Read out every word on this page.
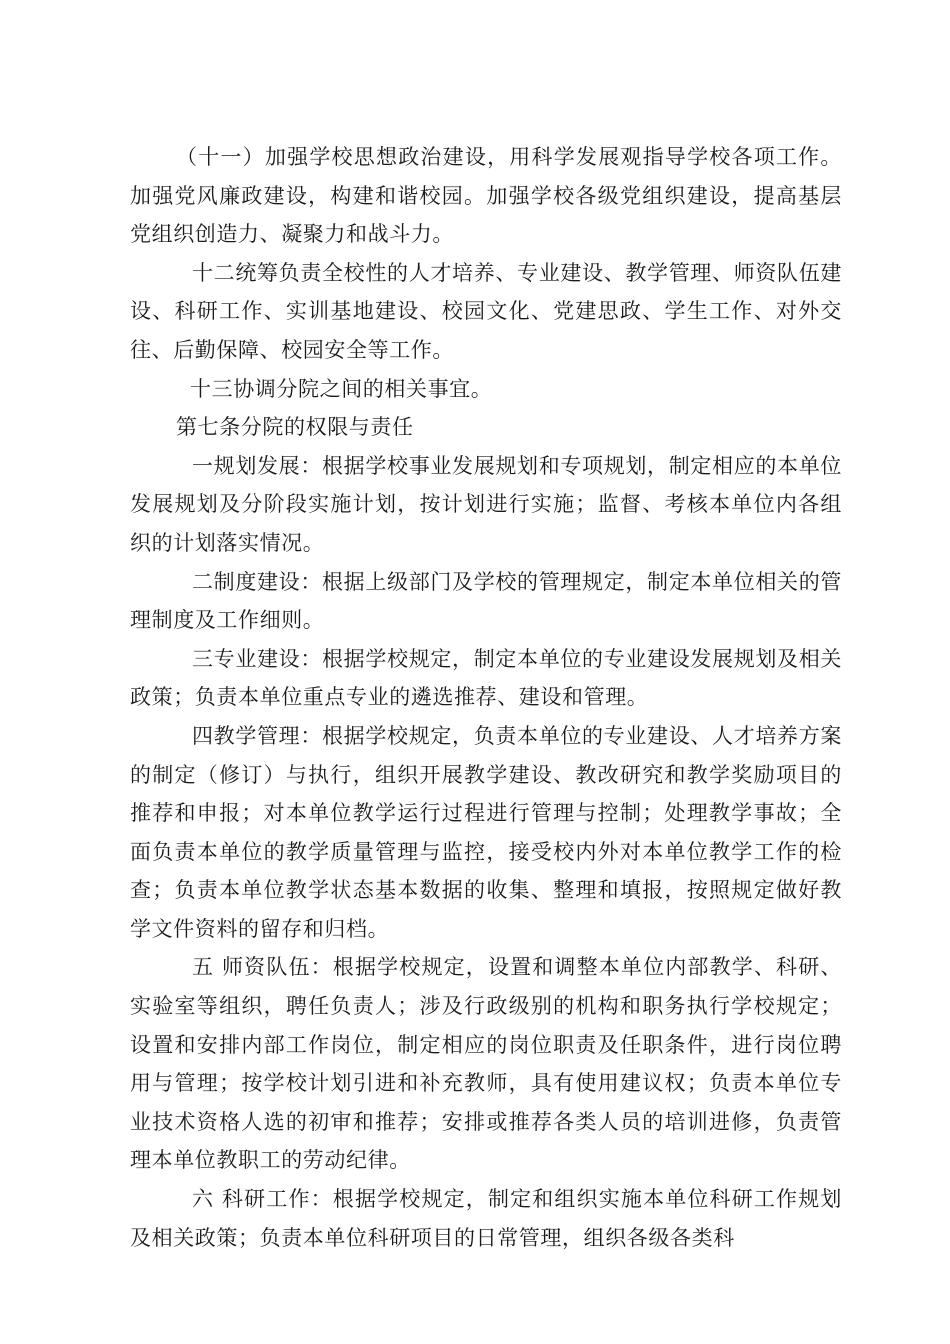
（十一）加强学校思想政治建设，用科学发展观指导学校各项工作。加强党风廉政建设，构建和谐校园。加强学校各级党组织建设，提高基层党组织创造力、凝聚力和战斗力。

十二统筹负责全校性的人才培养、专业建设、教学管理、师资队伍建设、科研工作、实训基地建设、校园文化、党建思政、学生工作、对外交往、后勤保障、校园安全等工作。

十三协调分院之间的相关事宜。

第七条分院的权限与责任

一规划发展：根据学校事业发展规划和专项规划，制定相应的本单位发展规划及分阶段实施计划，按计划进行实施；监督、考核本单位内各组织的计划落实情况。

二制度建设：根据上级部门及学校的管理规定，制定本单位相关的管理制度及工作细则。

三专业建设：根据学校规定，制定本单位的专业建设发展规划及相关政策；负责本单位重点专业的遴选推荐、建设和管理。

四教学管理：根据学校规定，负责本单位的专业建设、人才培养方案的制定（修订）与执行，组织开展教学建设、教改研究和教学奖励项目的推荐和申报；对本单位教学运行过程进行管理与控制；处理教学事故；全面负责本单位的教学质量管理与监控，接受校内外对本单位教学工作的检查；负责本单位教学状态基本数据的收集、整理和填报，按照规定做好教学文件资料的留存和归档。

五 师资队伍：根据学校规定，设置和调整本单位内部教学、科研、实验室等组织，聘任负责人；涉及行政级别的机构和职务执行学校规定；设置和安排内部工作岗位，制定相应的岗位职责及任职条件，进行岗位聘用与管理；按学校计划引进和补充教师，具有使用建议权；负责本单位专业技术资格人选的初审和推荐；安排或推荐各类人员的培训进修，负责管理本单位教职工的劳动纪律。

六 科研工作：根据学校规定，制定和组织实施本单位科研工作规划及相关政策；负责本单位科研项目的日常管理，组织各级各类科
